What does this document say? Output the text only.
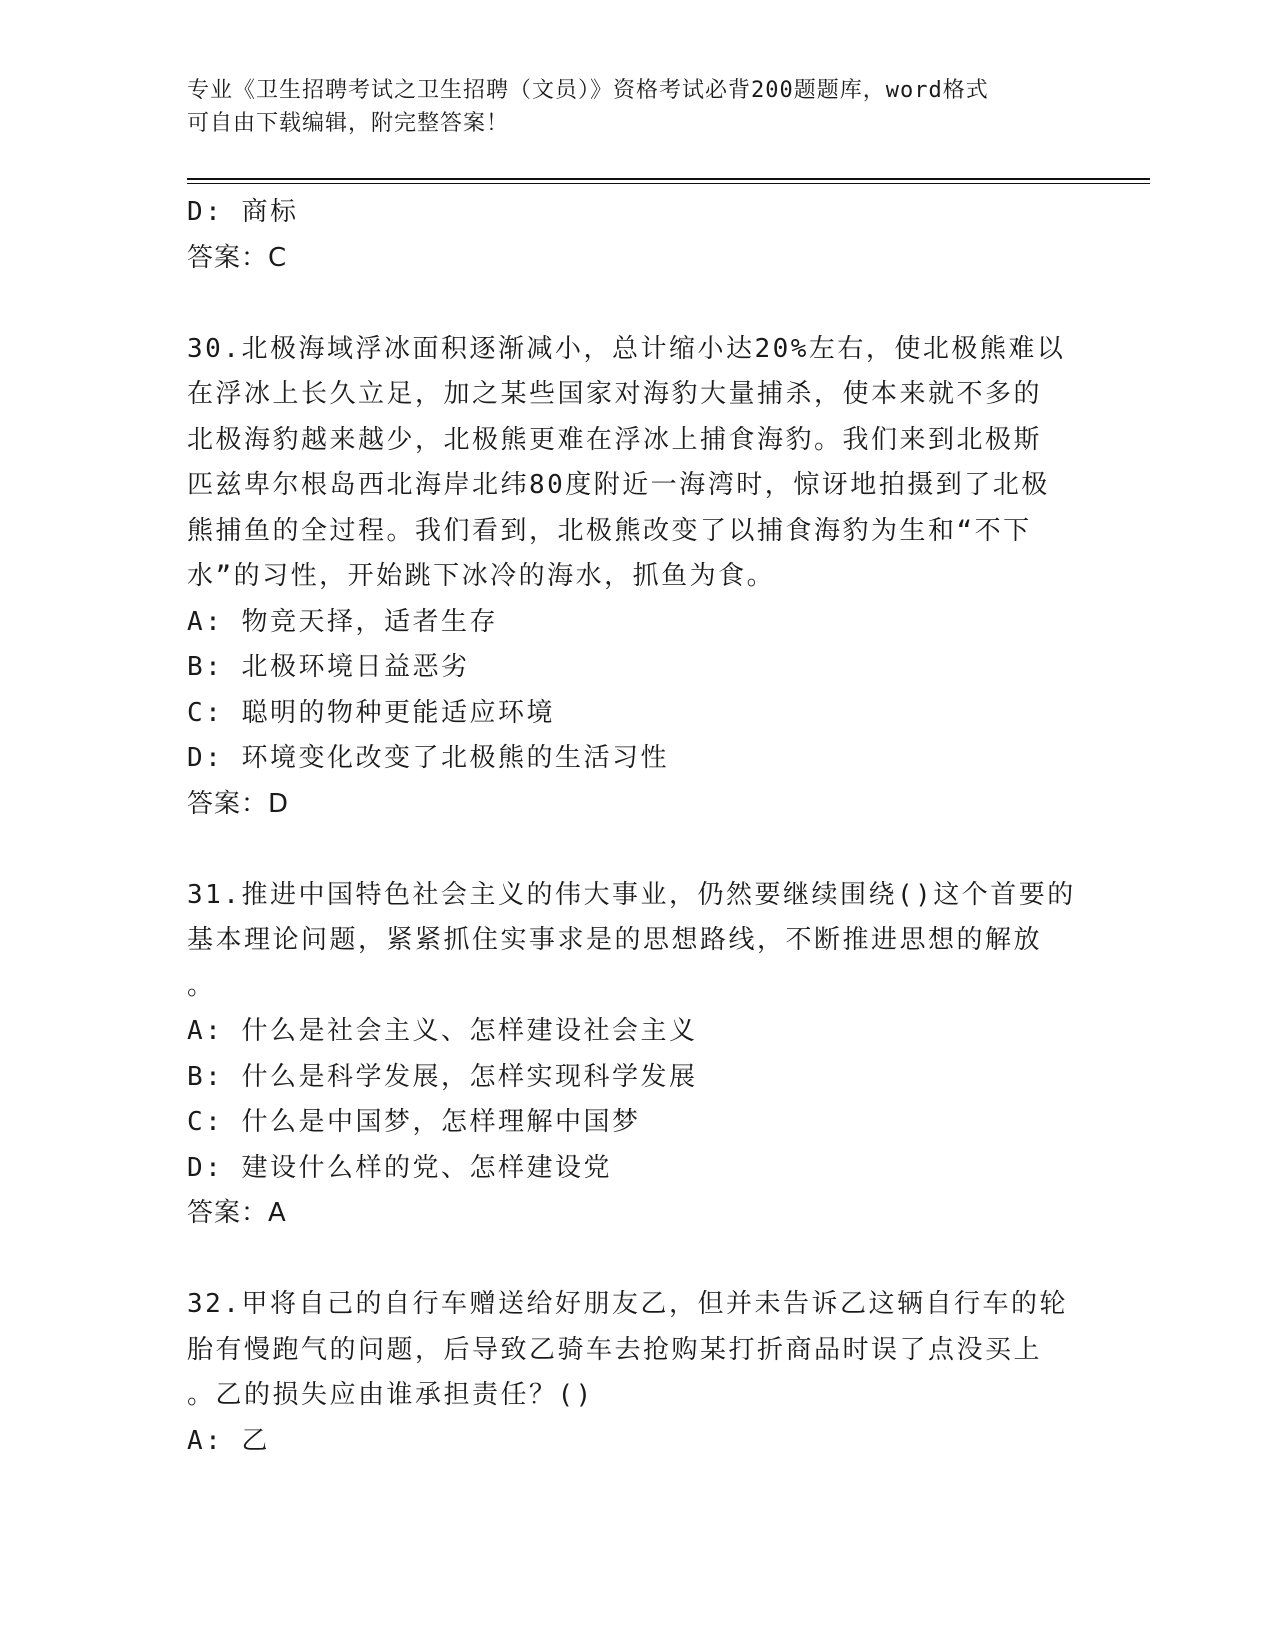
专业《卫生招聘考试之卫生招聘（文员）》资格考试必背200题题库，word格式
可自由下载编辑，附完整答案！
D: 商标
答案：C
30.北极海域浮冰面积逐渐减小，总计缩小达20%左右，使北极熊难以
在浮冰上长久立足，加之某些国家对海豹大量捕杀，使本来就不多的
北极海豹越来越少，北极熊更难在浮冰上捕食海豹。我们来到北极斯
匹兹卑尔根岛西北海岸北纬80度附近一海湾时，惊讶地拍摄到了北极
熊捕鱼的全过程。我们看到，北极熊改变了以捕食海豹为生和“不下
水”的习性，开始跳下冰冷的海水，抓鱼为食。
A: 物竞天择，适者生存
B: 北极环境日益恶劣
C: 聪明的物种更能适应环境
D: 环境变化改变了北极熊的生活习性
答案：D
31.推进中国特色社会主义的伟大事业，仍然要继续围绕()这个首要的
基本理论问题，紧紧抓住实事求是的思想路线，不断推进思想的解放
。
A: 什么是社会主义、怎样建设社会主义
B: 什么是科学发展，怎样实现科学发展
C: 什么是中国梦，怎样理解中国梦
D: 建设什么样的党、怎样建设党
答案：A
32.甲将自己的自行车赠送给好朋友乙，但并未告诉乙这辆自行车的轮
胎有慢跑气的问题，后导致乙骑车去抢购某打折商品时误了点没买上
。乙的损失应由谁承担责任？()
A: 乙
